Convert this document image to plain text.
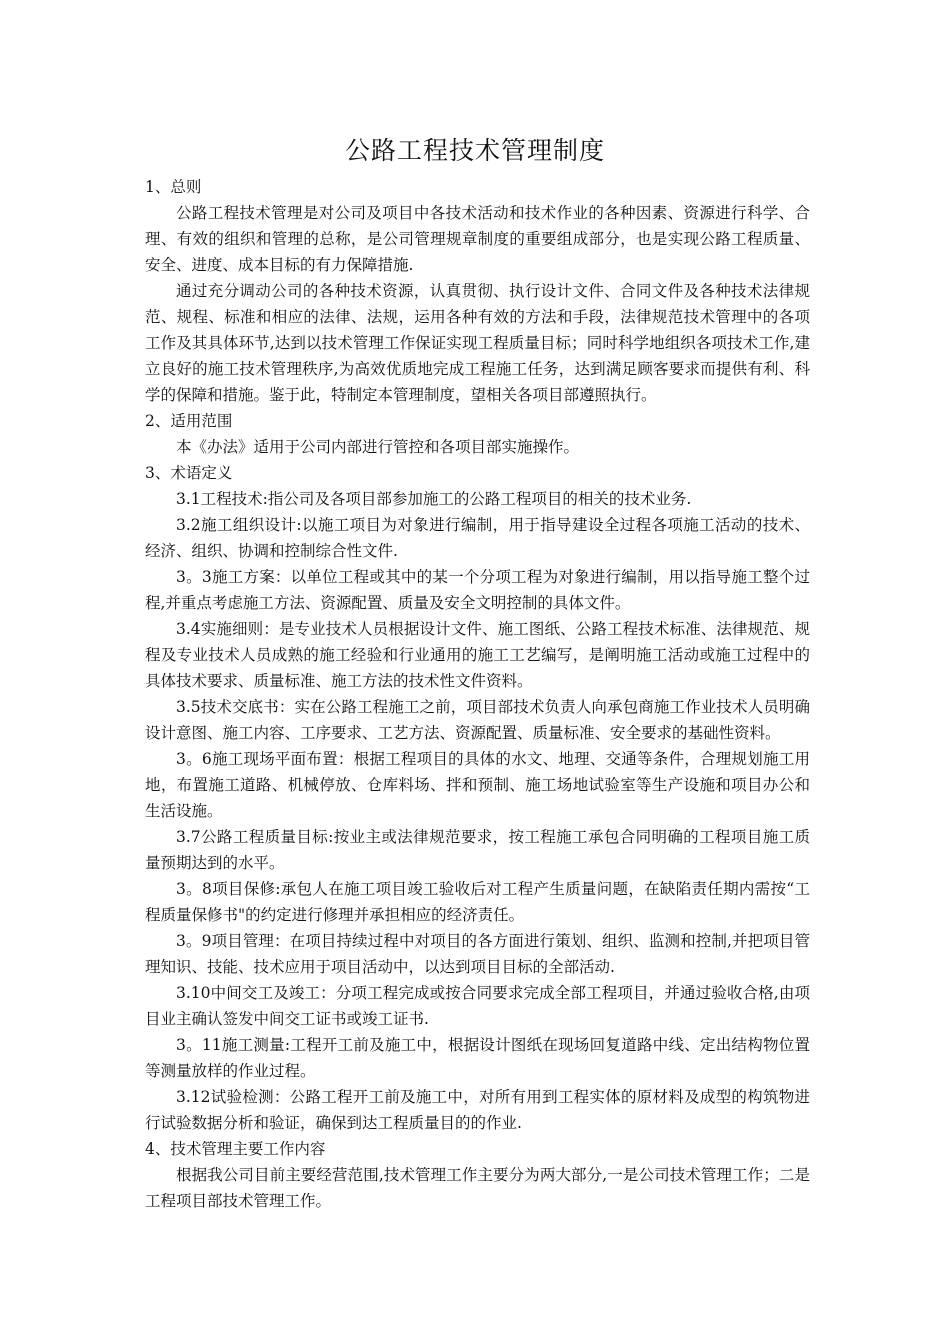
公路工程技术管理制度
1、总则
公路工程技术管理是对公司及项目中各技术活动和技术作业的各种因素、资源进行科学、合理、有效的组织和管理的总称，是公司管理规章制度的重要组成部分，也是实现公路工程质量、安全、进度、成本目标的有力保障措施.
通过充分调动公司的各种技术资源，认真贯彻、执行设计文件、合同文件及各种技术法律规范、规程、标准和相应的法律、法规，运用各种有效的方法和手段，法律规范技术管理中的各项工作及其具体环节,达到以技术管理工作保证实现工程质量目标；同时科学地组织各项技术工作,建立良好的施工技术管理秩序,为高效优质地完成工程施工任务，达到满足顾客要求而提供有利、科学的保障和措施。鉴于此，特制定本管理制度，望相关各项目部遵照执行。
2、适用范围
本《办法》适用于公司内部进行管控和各项目部实施操作。
3、术语定义
3.1工程技术:指公司及各项目部参加施工的公路工程项目的相关的技术业务.
3.2施工组织设计:以施工项目为对象进行编制，用于指导建设全过程各项施工活动的技术、经济、组织、协调和控制综合性文件.
3。3施工方案：以单位工程或其中的某一个分项工程为对象进行编制，用以指导施工整个过程,并重点考虑施工方法、资源配置、质量及安全文明控制的具体文件。
3.4实施细则：是专业技术人员根据设计文件、施工图纸、公路工程技术标准、法律规范、规程及专业技术人员成熟的施工经验和行业通用的施工工艺编写，是阐明施工活动或施工过程中的具体技术要求、质量标准、施工方法的技术性文件资料。
3.5技术交底书：实在公路工程施工之前，项目部技术负责人向承包商施工作业技术人员明确设计意图、施工内容、工序要求、工艺方法、资源配置、质量标准、安全要求的基础性资料。
3。6施工现场平面布置：根据工程项目的具体的水文、地理、交通等条件，合理规划施工用地，布置施工道路、机械停放、仓库料场、拌和预制、施工场地试验室等生产设施和项目办公和生活设施。
3.7公路工程质量目标:按业主或法律规范要求，按工程施工承包合同明确的工程项目施工质量预期达到的水平。
3。8项目保修:承包人在施工项目竣工验收后对工程产生质量问题，在缺陷责任期内需按“工程质量保修书"的约定进行修理并承担相应的经济责任。
3。9项目管理：在项目持续过程中对项目的各方面进行策划、组织、监测和控制,并把项目管理知识、技能、技术应用于项目活动中，以达到项目目标的全部活动.
3.10中间交工及竣工：分项工程完成或按合同要求完成全部工程项目，并通过验收合格,由项目业主确认签发中间交工证书或竣工证书.
3。11施工测量:工程开工前及施工中，根据设计图纸在现场回复道路中线、定出结构物位置等测量放样的作业过程。
3.12试验检测：公路工程开工前及施工中，对所有用到工程实体的原材料及成型的构筑物进行试验数据分析和验证，确保到达工程质量目的的作业.
4、技术管理主要工作内容
根据我公司目前主要经营范围,技术管理工作主要分为两大部分,一是公司技术管理工作；二是工程项目部技术管理工作。
